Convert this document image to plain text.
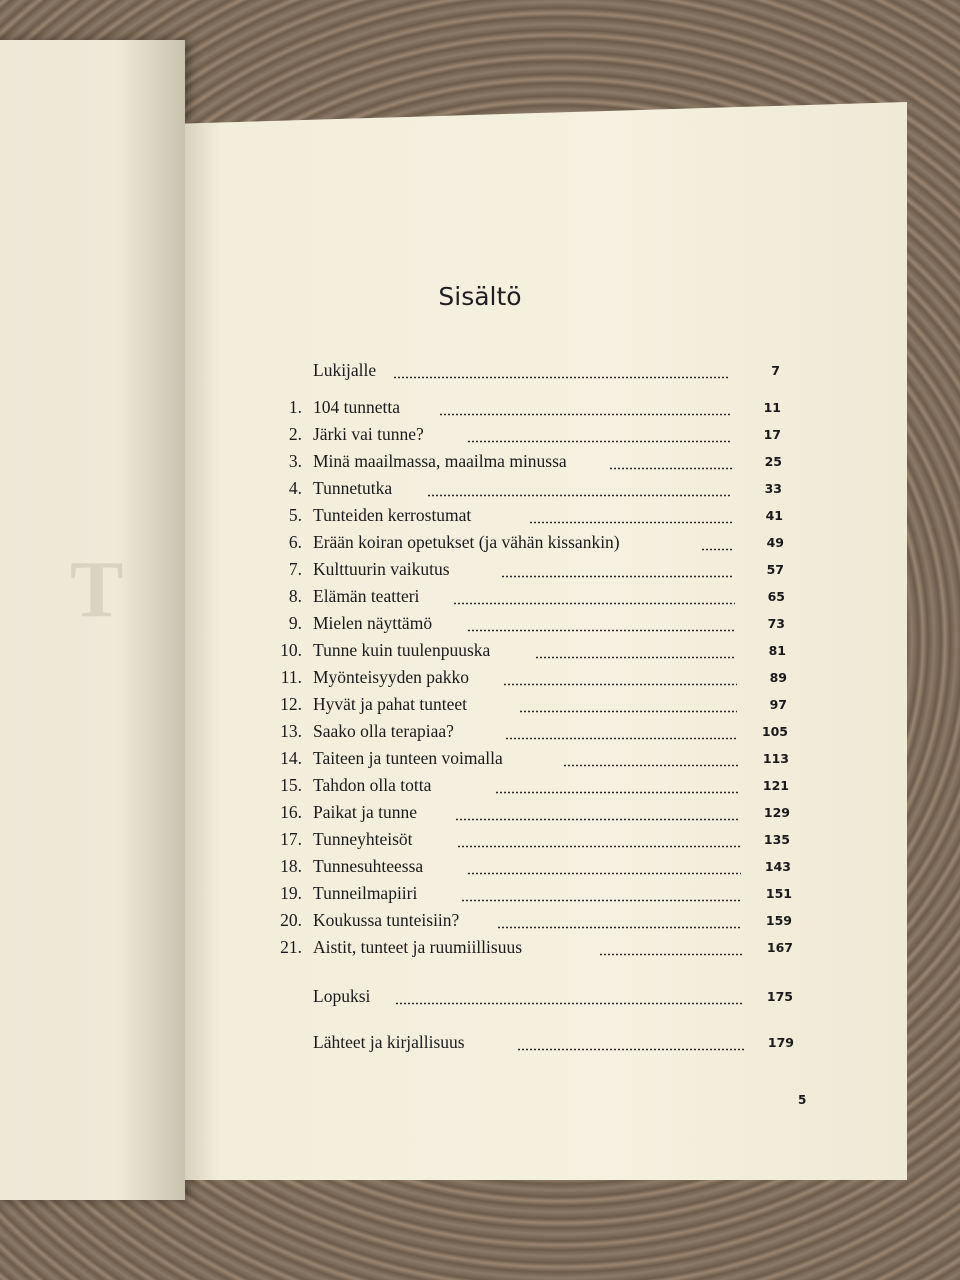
T
Sisältö
Lukijalle	7
1. 104 tunnetta	11
2. Järki vai tunne?	17
3. Minä maailmassa, maailma minussa	25
4. Tunnetutka	33
5. Tunteiden kerrostumat	41
6. Erään koiran opetukset (ja vähän kissankin)	49
7. Kulttuurin vaikutus	57
8. Elämän teatteri	65
9. Mielen näyttämö	73
10. Tunne kuin tuulenpuuska	81
11. Myönteisyyden pakko	89
12. Hyvät ja pahat tunteet	97
13. Saako olla terapiaa?	105
14. Taiteen ja tunteen voimalla	113
15. Tahdon olla totta	121
16. Paikat ja tunne	129
17. Tunneyhteisöt	135
18. Tunnesuhteessa	143
19. Tunneilmapiiri	151
20. Koukussa tunteisiin?	159
21. Aistit, tunteet ja ruumiillisuus	167
Lopuksi	175
Lähteet ja kirjallisuus	179
5
